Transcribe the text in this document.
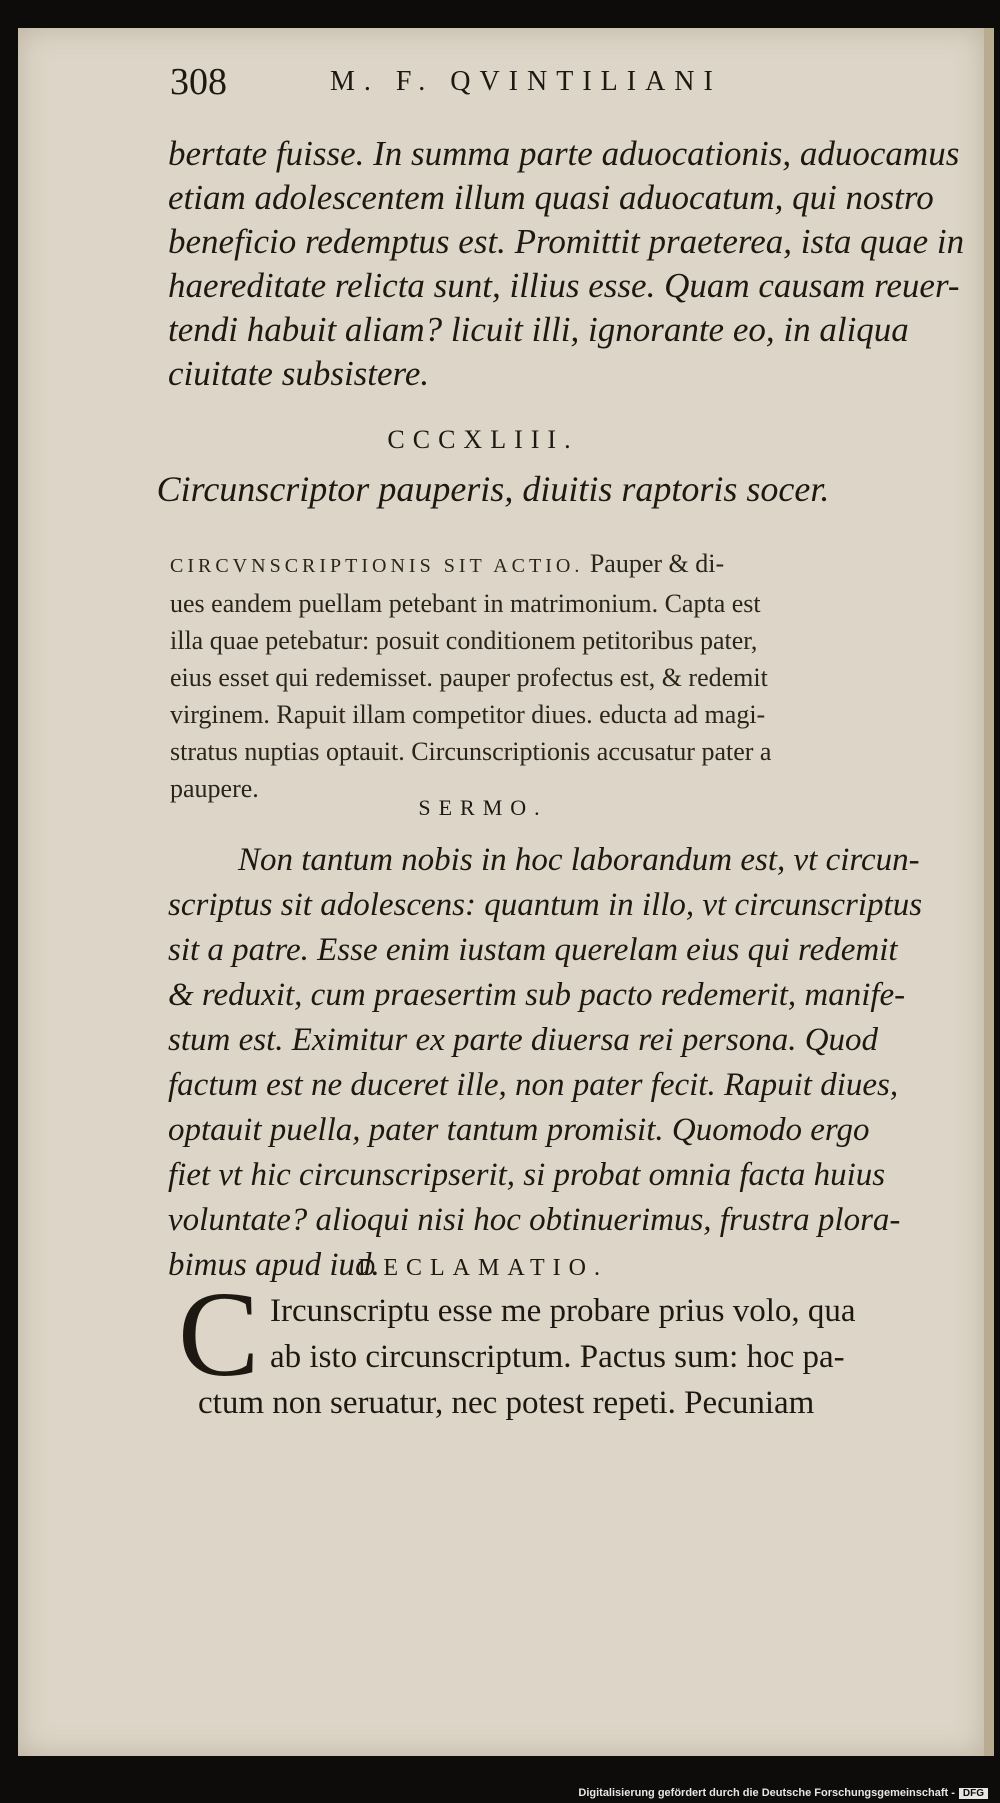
308	M. F. QVINTILIANI

bertate fuisse. In summa parte aduocationis, aduocamus

etiam adolescentem illum quasi aduocatum, qui nostro

beneficio redemptus est. Promittit praeterea, ista quae in

haereditate relicta sunt, illius esse. Quam causam reuer-

tendi habuit aliam? licuit illi, ignorante eo, in aliqua

ciuitate subsistere.

CCCXLIII.
Circunscriptor pauperis, diuitis raptoris socer.

CIRCVNSCRIPTIONIS SIT ACTIO. Pauper & di-

ues eandem puellam petebant in matrimonium. Capta est

illa quae petebatur: posuit conditionem petitoribus pater,

eius esset qui redemisset. pauper profectus est, & redemit

virginem. Rapuit illam competitor diues. educta ad magi-

stratus nuptias optauit. Circunscriptionis accusatur pater a

paupere.

SERMO.

Non tantum nobis in hoc laborandum est, vt circun-

scriptus sit adolescens: quantum in illo, vt circunscriptus

sit a patre. Esse enim iustam querelam eius qui redemit

& reduxit, cum praesertim sub pacto redemerit, manife-

stum est. Eximitur ex parte diuersa rei persona. Quod

factum est ne duceret ille, non pater fecit. Rapuit diues,

optauit puella, pater tantum promisit. Quomodo ergo

fiet vt hic circunscripserit, si probat omnia facta huius

voluntate? alioqui nisi hoc obtinuerimus, frustra plora-

bimus apud iud.

DECLAMATIO.
C Ircunscriptu esse me probare prius volo, qua

ab isto circunscriptum. Pactus sum: hoc pa-

ctum non seruatur, nec potest repeti. Pecuniam

Digitalisierung gefördert durch die Deutsche Forschungsgemeinschaft - DFG
